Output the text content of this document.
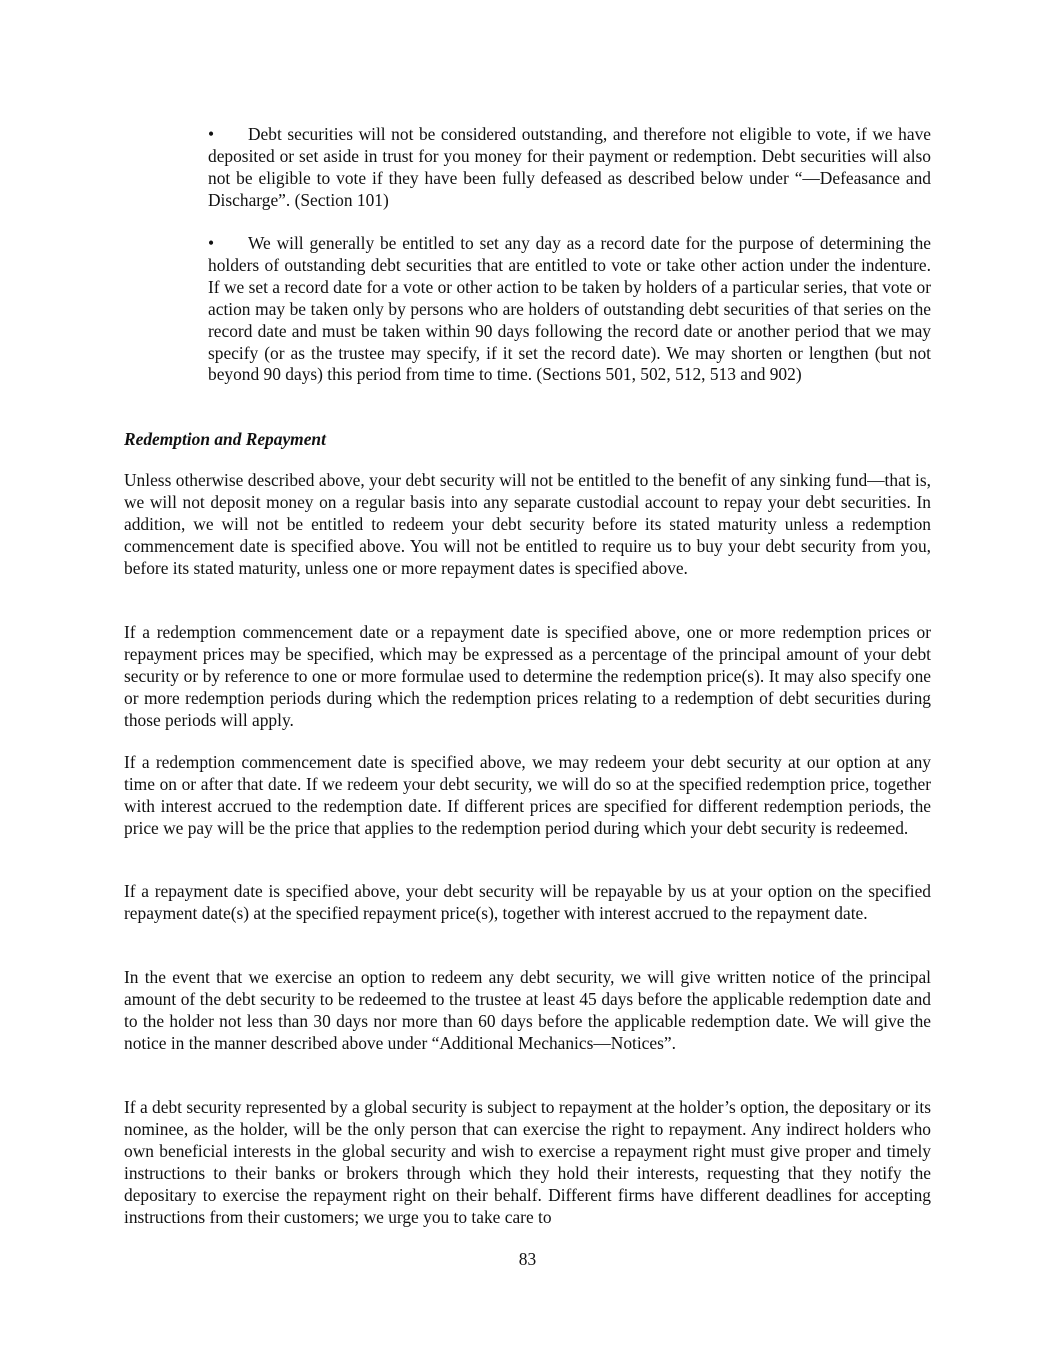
• Debt securities will not be considered outstanding, and therefore not eligible to vote, if we have deposited or set aside in trust for you money for their payment or redemption. Debt securities will also not be eligible to vote if they have been fully defeased as described below under “—Defeasance and Discharge”. (Section 101)

• We will generally be entitled to set any day as a record date for the purpose of determining the holders of outstanding debt securities that are entitled to vote or take other action under the indenture. If we set a record date for a vote or other action to be taken by holders of a particular series, that vote or action may be taken only by persons who are holders of outstanding debt securities of that series on the record date and must be taken within 90 days following the record date or another period that we may specify (or as the trustee may specify, if it set the record date). We may shorten or lengthen (but not beyond 90 days) this period from time to time. (Sections 501, 502, 512, 513 and 902)

Redemption and Repayment

Unless otherwise described above, your debt security will not be entitled to the benefit of any sinking fund—that is, we will not deposit money on a regular basis into any separate custodial account to repay your debt securities. In addition, we will not be entitled to redeem your debt security before its stated maturity unless a redemption commencement date is specified above. You will not be entitled to require us to buy your debt security from you, before its stated maturity, unless one or more repayment dates is specified above.

If a redemption commencement date or a repayment date is specified above, one or more redemption prices or repayment prices may be specified, which may be expressed as a percentage of the principal amount of your debt security or by reference to one or more formulae used to determine the redemption price(s). It may also specify one or more redemption periods during which the redemption prices relating to a redemption of debt securities during those periods will apply.

If a redemption commencement date is specified above, we may redeem your debt security at our option at any time on or after that date. If we redeem your debt security, we will do so at the specified redemption price, together with interest accrued to the redemption date. If different prices are specified for different redemption periods, the price we pay will be the price that applies to the redemption period during which your debt security is redeemed.

If a repayment date is specified above, your debt security will be repayable by us at your option on the specified repayment date(s) at the specified repayment price(s), together with interest accrued to the repayment date.

In the event that we exercise an option to redeem any debt security, we will give written notice of the principal amount of the debt security to be redeemed to the trustee at least 45 days before the applicable redemption date and to the holder not less than 30 days nor more than 60 days before the applicable redemption date. We will give the notice in the manner described above under “Additional Mechanics—Notices”.

If a debt security represented by a global security is subject to repayment at the holder’s option, the depositary or its nominee, as the holder, will be the only person that can exercise the right to repayment. Any indirect holders who own beneficial interests in the global security and wish to exercise a repayment right must give proper and timely instructions to their banks or brokers through which they hold their interests, requesting that they notify the depositary to exercise the repayment right on their behalf. Different firms have different deadlines for accepting instructions from their customers; we urge you to take care to

83
